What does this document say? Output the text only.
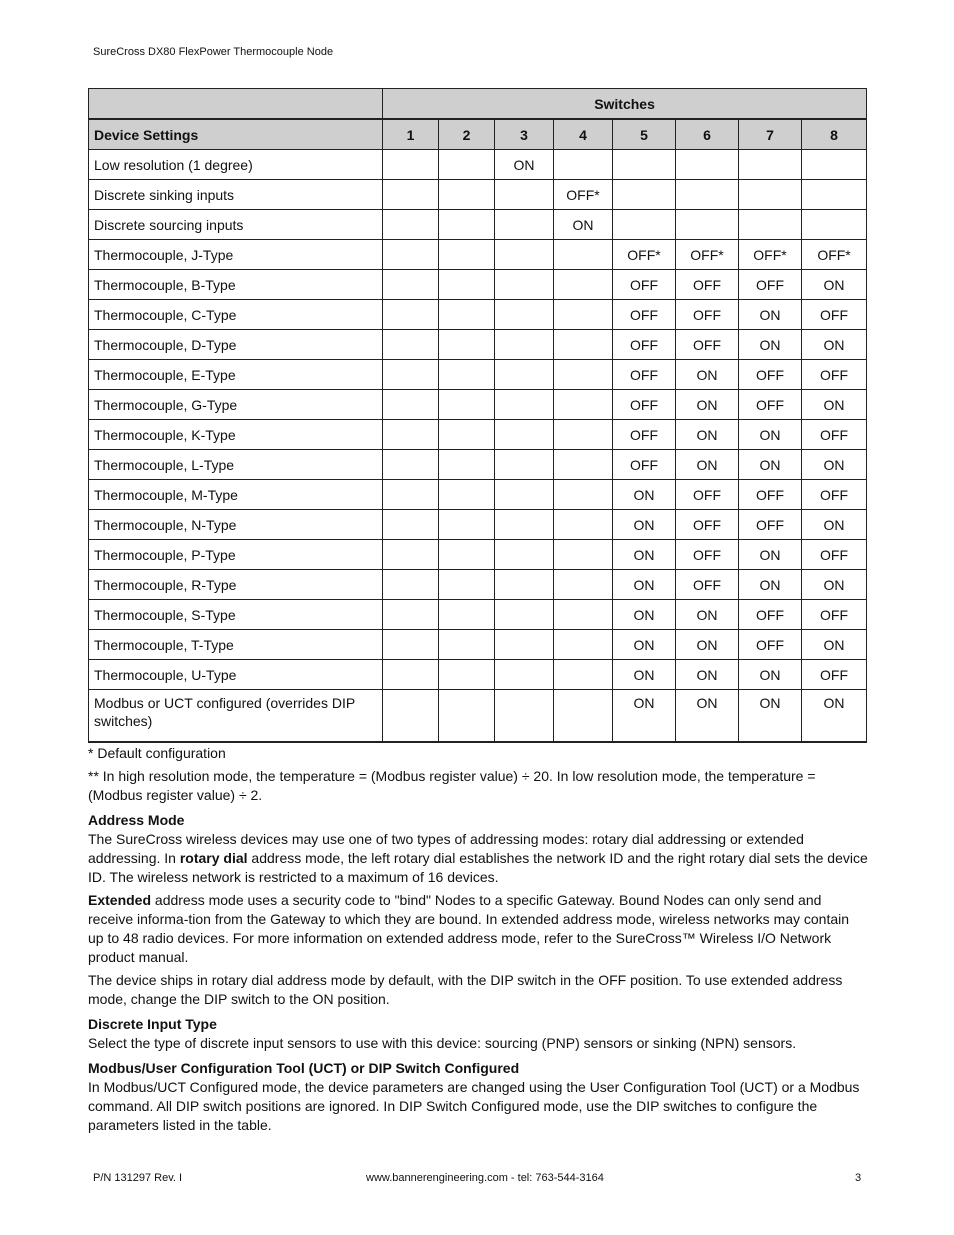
SureCross DX80 FlexPower Thermocouple Node
	Switches							
Device Settings	1	2	3	4	5	6	7	8
Low resolution (1 degree)			ON					
Discrete sinking inputs				OFF*				
Discrete sourcing inputs				ON				
Thermocouple, J-Type					OFF*	OFF*	OFF*	OFF*
Thermocouple, B-Type					OFF	OFF	OFF	ON
Thermocouple, C-Type					OFF	OFF	ON	OFF
Thermocouple, D-Type					OFF	OFF	ON	ON
Thermocouple, E-Type					OFF	ON	OFF	OFF
Thermocouple, G-Type					OFF	ON	OFF	ON
Thermocouple, K-Type					OFF	ON	ON	OFF
Thermocouple, L-Type					OFF	ON	ON	ON
Thermocouple, M-Type					ON	OFF	OFF	OFF
Thermocouple, N-Type					ON	OFF	OFF	ON
Thermocouple, P-Type					ON	OFF	ON	OFF
Thermocouple, R-Type					ON	OFF	ON	ON
Thermocouple, S-Type					ON	ON	OFF	OFF
Thermocouple, T-Type					ON	ON	OFF	ON
Thermocouple, U-Type					ON	ON	ON	OFF
Modbus or UCT configured (overrides DIP switches)					ON	ON	ON	ON

* Default configuration

** In high resolution mode, the temperature = (Modbus register value) ÷ 20. In low resolution mode, the temperature = (Modbus register value) ÷ 2.

Address Mode

The SureCross wireless devices may use one of two types of addressing modes: rotary dial addressing or extended addressing. In rotary dial address mode, the left rotary dial establishes the network ID and the right rotary dial sets the device ID. The wireless network is restricted to a maximum of 16 devices.

Extended address mode uses a security code to "bind" Nodes to a specific Gateway. Bound Nodes can only send and receive informa-tion from the Gateway to which they are bound. In extended address mode, wireless networks may contain up to 48 radio devices. For more information on extended address mode, refer to the SureCross™ Wireless I/O Network product manual.

The device ships in rotary dial address mode by default, with the DIP switch in the OFF position. To use extended address mode, change the DIP switch to the ON position.

Discrete Input Type

Select the type of discrete input sensors to use with this device: sourcing (PNP) sensors or sinking (NPN) sensors.

Modbus/User Configuration Tool (UCT) or DIP Switch Configured

In Modbus/UCT Configured mode, the device parameters are changed using the User Configuration Tool (UCT) or a Modbus command. All DIP switch positions are ignored. In DIP Switch Configured mode, use the DIP switches to configure the parameters listed in the table.

P/N 131297 Rev. I	www.bannerengineering.com - tel: 763-544-3164	3
